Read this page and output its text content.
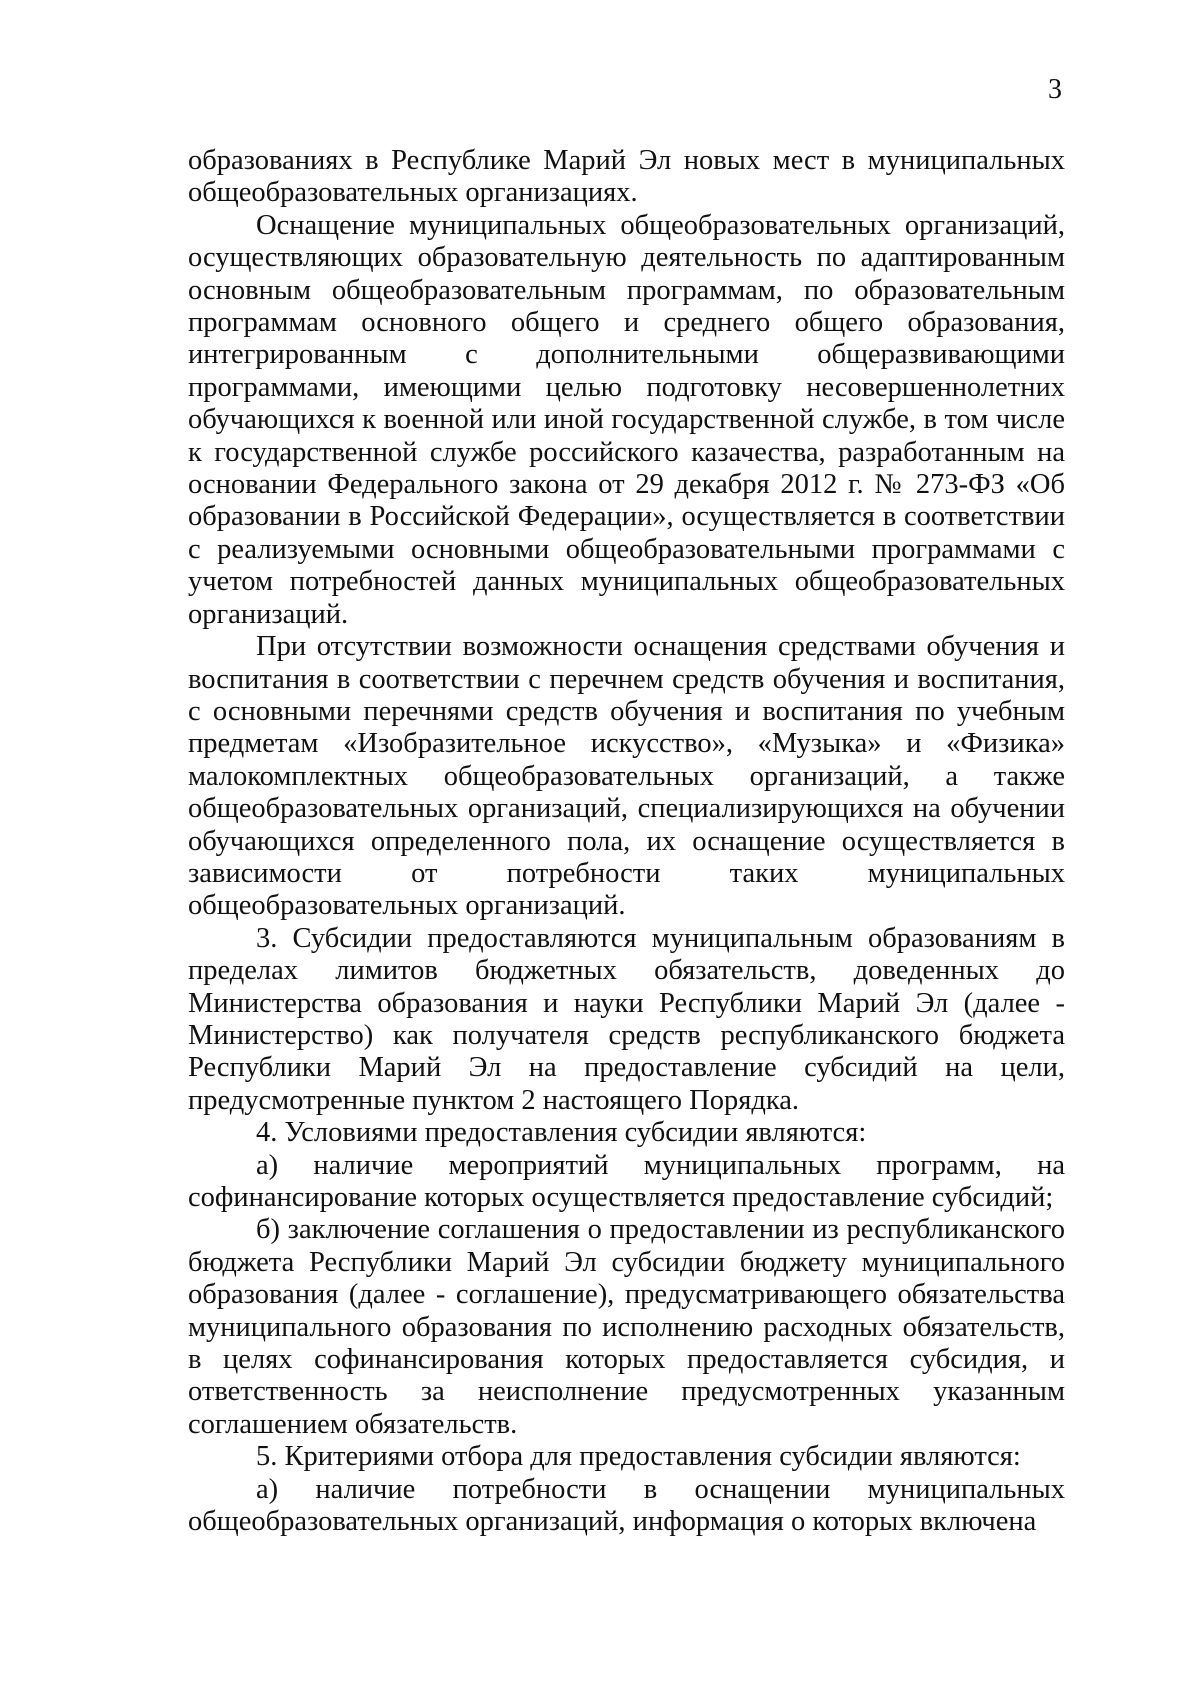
3

образованиях в Республике Марий Эл новых мест в муниципальных общеобразовательных организациях.

Оснащение муниципальных общеобразовательных организаций, осуществляющих образовательную деятельность по адаптированным основным общеобразовательным программам, по образовательным программам основного общего и среднего общего образования, интегрированным с дополнительными общеразвивающими программами, имеющими целью подготовку несовершеннолетних обучающихся к военной или иной государственной службе, в том числе к государственной службе российского казачества, разработанным на основании Федерального закона от 29 декабря 2012 г. № 273-ФЗ «Об образовании в Российской Федерации», осуществляется в соответствии с реализуемыми основными общеобразовательными программами с учетом потребностей данных муниципальных общеобразовательных организаций.

При отсутствии возможности оснащения средствами обучения и воспитания в соответствии с перечнем средств обучения и воспитания, с основными перечнями средств обучения и воспитания по учебным предметам «Изобразительное искусство», «Музыка» и «Физика» малокомплектных общеобразовательных организаций, а также общеобразовательных организаций, специализирующихся на обучении обучающихся определенного пола, их оснащение осуществляется в зависимости от потребности таких муниципальных общеобразовательных организаций.

3. Субсидии предоставляются муниципальным образованиям в пределах лимитов бюджетных обязательств, доведенных до Министерства образования и науки Республики Марий Эл (далее - Министерство) как получателя средств республиканского бюджета Республики Марий Эл на предоставление субсидий на цели, предусмотренные пунктом 2 настоящего Порядка.

4. Условиями предоставления субсидии являются:

а) наличие мероприятий муниципальных программ, на софинансирование которых осуществляется предоставление субсидий;

б) заключение соглашения о предоставлении из республиканского бюджета Республики Марий Эл субсидии бюджету муниципального образования (далее - соглашение), предусматривающего обязательства муниципального образования по исполнению расходных обязательств, в целях софинансирования которых предоставляется субсидия, и ответственность за неисполнение предусмотренных указанным соглашением обязательств.

5. Критериями отбора для предоставления субсидии являются:

а) наличие потребности в оснащении муниципальных общеобразовательных организаций, информация о которых включена
